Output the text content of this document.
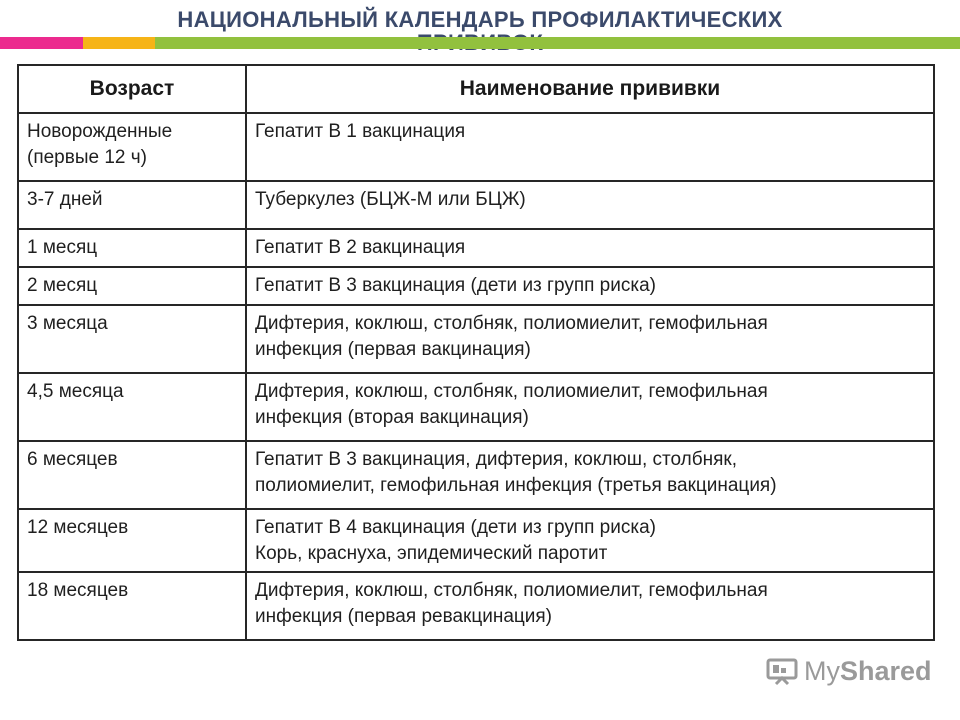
НАЦИОНАЛЬНЫЙ КАЛЕНДАРЬ ПРОФИЛАКТИЧЕСКИХ
Возраст	Наименование прививки

Новорожденные
(первые 12 ч)	Гепатит В 1 вакцинация

3-7 дней	Туберкулез (БЦЖ-М или БЦЖ)

1 месяц	Гепатит В 2 вакцинация

2 месяц	Гепатит В 3 вакцинация (дети из групп риска)

3 месяца	Дифтерия, коклюш, столбняк, полиомиелит, гемофильная
инфекция (первая вакцинация)

4,5 месяца	Дифтерия, коклюш, столбняк, полиомиелит, гемофильная
инфекция (вторая вакцинация)

6 месяцев	Гепатит В 3 вакцинация, дифтерия, коклюш, столбняк,
полиомиелит, гемофильная инфекция (третья вакцинация)

12 месяцев	Гепатит В 4 вакцинация (дети из групп риска)
Корь, краснуха, эпидемический паротит

18 месяцев	Дифтерия, коклюш, столбняк, полиомиелит, гемофильная
инфекция (первая ревакцинация)
My Shared
